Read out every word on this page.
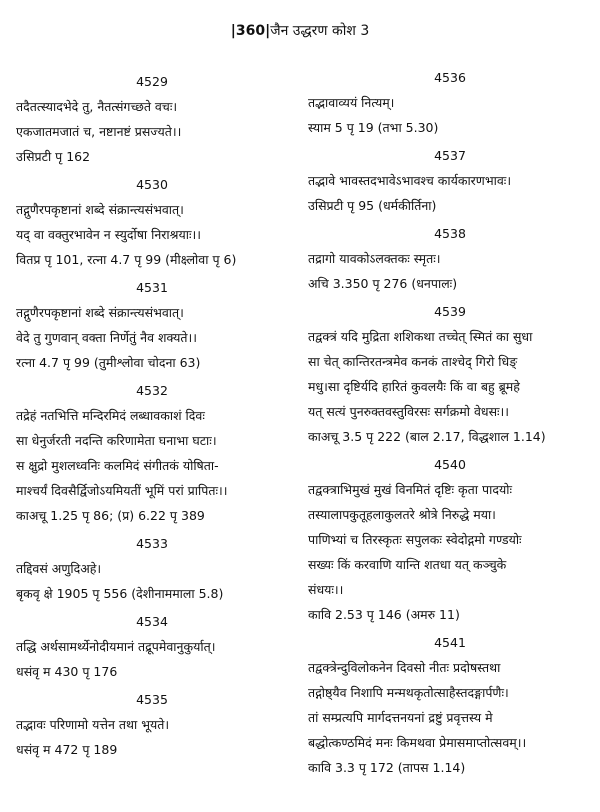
|360|जैन उद्धरण कोश 3
4529
तदैतत्स्यादभेदे तु, नैतत्संगच्छते वचः।
एकजातमजातं च, नष्टानष्टं प्रसज्यते।।
उसिप्रटी पृ 162
4530
तद्गुणैरपकृष्टानां शब्दे संक्रान्त्यसंभवात्।
यद् वा वक्तुरभावेन न स्युर्दोषा निराश्रयाः।।
वितप्र पृ 101, रत्ना 4.7 पृ 99 (मीक्ष्लोवा पृ 6)
4531
तद्गुणैरपकृष्टानां शब्दे संक्रान्त्यसंभवात्।
वेदे तु गुणवान् वक्ता निर्णेतुं नैव शक्यते।।
रत्ना 4.7 पृ 99 (तुमीश्लोवा चोदना 63)
4532
तद्रेहं नतभित्ति मन्दिरमिदं लब्धावकाशं दिवः
सा धेनुर्जरती नदन्ति करिणामेता घनाभा घटाः।
स क्षुद्रो मुशलध्वनिः कलमिदं संगीतकं योषिता-
माश्चर्यं दिवसैर्द्विजोऽयमियतीं भूमिं परां प्रापितः।।
काअचू 1.25 पृ 86; (प्र) 6.22 पृ 389
4533
तद्दिवसं अणुदिअहे।
बृकवृ क्षे 1905 पृ 556 (देशीनाममाला 5.8)
4534
तद्धि अर्थसामर्थ्येनोदीयमानं तद्रूपमेवानुकुर्यात्।
धसंवृ म 430 पृ 176
4535
तद्भावः परिणामो यत्तेन तथा भूयते।
धसंवृ म 472 पृ 189
4536
तद्भावाव्ययं नित्यम्।
स्याम 5 पृ 19 (तभा 5.30)
4537
तद्भावे भावस्तदभावेऽभावश्च कार्यकारणभावः।
उसिप्रटी पृ 95 (धर्मकीर्तिना)
4538
तद्रागो यावकोऽलक्तकः स्मृतः।
अचि 3.350 पृ 276 (धनपालः)
4539
तद्वक्त्रं यदि मुद्रिता शशिकथा तच्चेत् स्मितं का सुधा
सा चेत् कान्तिरतन्त्रमेव कनकं ताश्चेद् गिरो धिङ्
मधु।सा दृष्टिर्यदि हारितं कुवलयैः किं वा बहु ब्रूमहे
यत् सत्यं पुनरुक्तवस्तुविरसः सर्गक्रमो वेधसः।।
काअचू 3.5 पृ 222 (बाल 2.17, विद्धशाल 1.14)
4540
तद्वक्त्राभिमुखं मुखं विनमितं दृष्टिः कृता पादयोः
तस्यालापकुतूहलाकुलतरे श्रोत्रे निरुद्धे मया।
पाणिभ्यां च तिरस्कृतः सपुलकः स्वेदोद्गमो गण्डयोः
सख्यः किं करवाणि यान्ति शतधा यत् कञ्चुके
संधयः।।
कावि 2.53 पृ 146 (अमरु 11)
4541
तद्वक्त्रेन्दुविलोकनेन दिवसो नीतः प्रदोषस्तथा
तद्गोष्ठ्यैव निशापि मन्मथकृतोत्साहैस्तदङ्गार्पणैः।
तां सम्प्रत्यपि मार्गदत्तनयनां द्रष्टुं प्रवृत्तस्य मे
बद्धोत्कण्ठमिदं मनः किमथवा प्रेमासमाप्तोत्सवम्।।
कावि 3.3 पृ 172 (तापस 1.14)
